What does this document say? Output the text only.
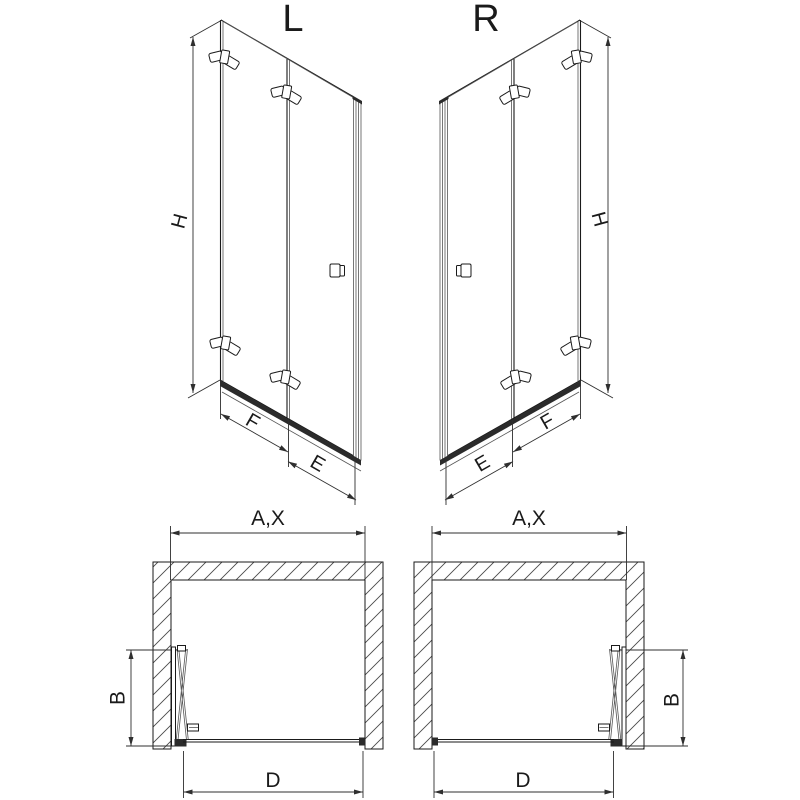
H
F
E
L
H
F
E
R
A,X
B
D
A,X
B
D
